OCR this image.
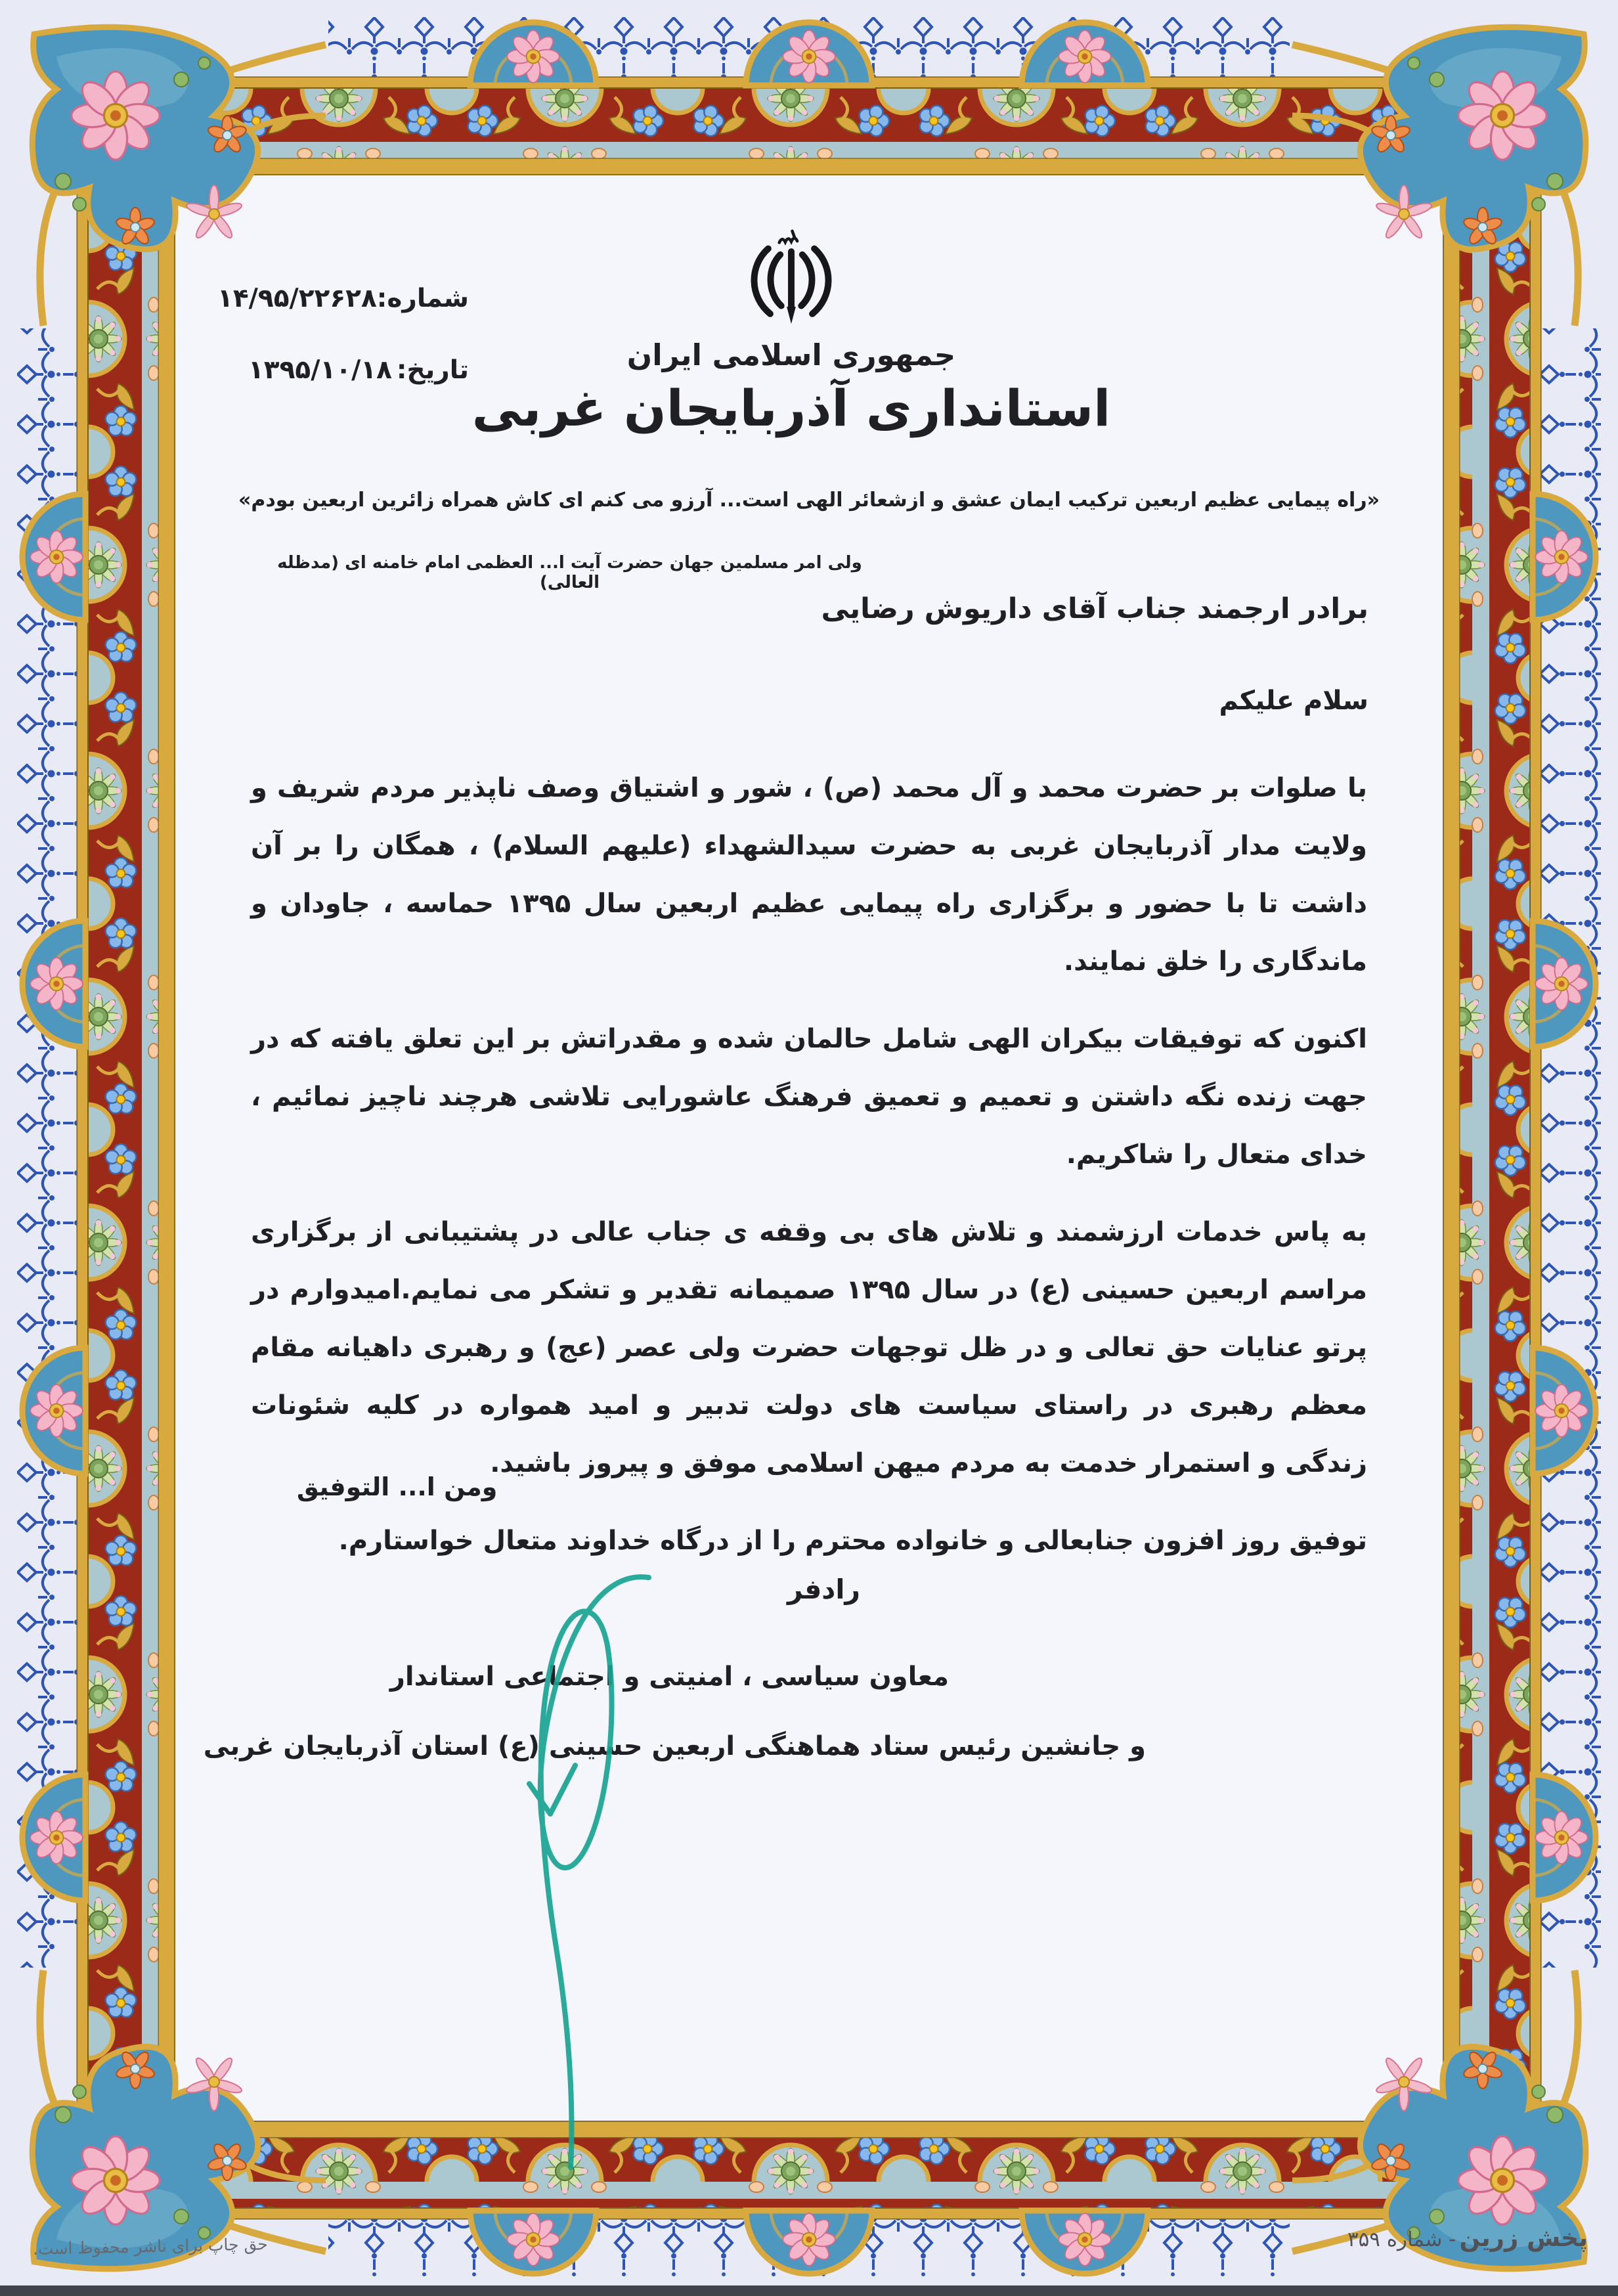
شماره:
۱۴/۹۵/۲۲۶۲۸
تاریخ:
۱۳۹۵/۱۰/۱۸	جمهوری اسلامی ایران
استانداری آذربایجان غربی
«راه پیمایی عظیم اربعین ترکیب ایمان عشق و ازشعائر الهی است... آرزو می کنم ای کاش همراه زائرین اربعین بودم»
ولی امر مسلمین جهان حضرت آیت ا... العظمی امام خامنه ای (مدظله العالی)
برادر ارجمند جناب آقای داریوش رضایی
سلام علیکم

با صلوات بر حضرت محمد و آل محمد (ص) ، شور و اشتیاق وصف ناپذیر مردم شریف و ولایت مدار آذربایجان غربی به حضرت سیدالشهداء (علیهم السلام) ، همگان را بر آن داشت تا با حضور و برگزاری راه پیمایی عظیم اربعین سال ۱۳۹۵ حماسه ، جاودان و ماندگاری را خلق نمایند.

اکنون که توفیقات بیکران الهی شامل حالمان شده و مقدراتش بر این تعلق یافته که در جهت زنده نگه داشتن و تعمیم و تعمیق فرهنگ عاشورایی تلاشی هرچند ناچیز نمائیم ، خدای متعال را شاکریم.

به پاس خدمات ارزشمند و تلاش های بی وقفه ی جناب عالی در پشتیبانی از برگزاری مراسم اربعین حسینی (ع) در سال ۱۳۹۵ صمیمانه تقدیر و تشکر می نمایم.امیدوارم در پرتو عنایات حق تعالی و در ظل توجهات حضرت ولی عصر (عج) و رهبری داهیانه مقام معظم رهبری در راستای سیاست های دولت تدبیر و امید همواره در کلیه شئونات زندگی و استمرار خدمت به مردم میهن اسلامی موفق و پیروز باشید.

توفیق روز افزون جنابعالی و خانواده محترم را از درگاه خداوند متعال خواستارم.

ومن ا... التوفیق
رادفر
معاون سیاسی ، امنیتی و اجتماعی استاندار
و جانشین رئیس ستاد هماهنگی اربعین حسینی (ع) استان آذربایجان غربی
حق چاپ برای ناشر محفوظ است.	پخش زرین - شماره ۳۵۹
